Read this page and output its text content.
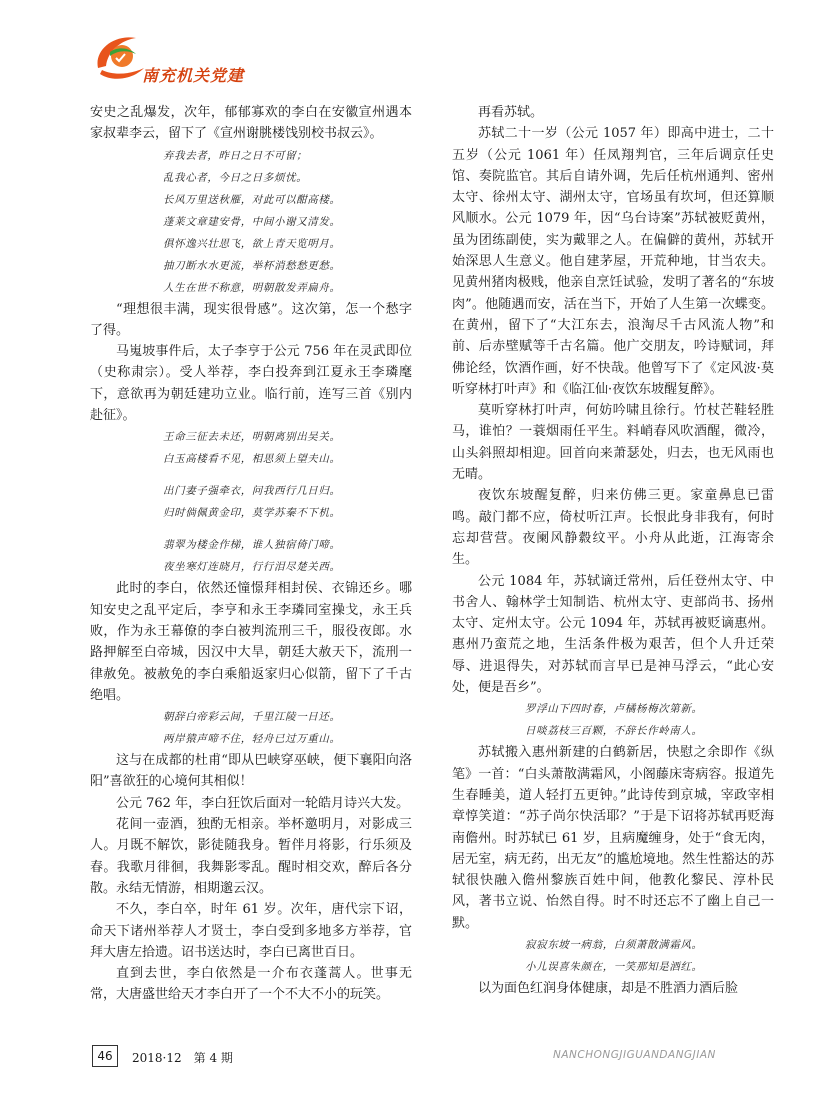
南充机关党建

安史之乱爆发，次年，郁郁寡欢的李白在安徽宣州遇本家叔辈李云，留下了《宣州谢朓楼饯别校书叔云》。

弃我去者，昨日之日不可留；

乱我心者，今日之日多烦忧。

长风万里送秋雁，对此可以酣高楼。

蓬莱文章建安骨，中间小谢又清发。

俱怀逸兴壮思飞，欲上青天览明月。

抽刀断水水更流，举杯消愁愁更愁。

人生在世不称意，明朝散发弄扁舟。

“理想很丰满，现实很骨感”。这次第，怎一个愁字了得。

马嵬坡事件后，太子李亨于公元 756 年在灵武即位（史称肃宗）。受人举荐，李白投奔到江夏永王李璘麾下，意欲再为朝廷建功立业。临行前，连写三首《别内赴征》。

王命三征去未还，明朝离别出吴关。

白玉高楼看不见，相思须上望夫山。

出门妻子强牵衣，问我西行几日归。

归时倘佩黄金印，莫学苏秦不下机。

翡翠为楼金作梯，谁人独宿倚门啼。

夜坐寒灯连晓月，行行泪尽楚关西。

此时的李白，依然还憧憬拜相封侯、衣锦还乡。哪知安史之乱平定后，李亨和永王李璘同室操戈，永王兵败，作为永王幕僚的李白被判流刑三千，服役夜郎。水路押解至白帝城，因汉中大旱，朝廷大赦天下，流刑一律赦免。被赦免的李白乘船返家归心似箭，留下了千古绝唱。

朝辞白帝彩云间，千里江陵一日还。

两岸猿声啼不住，轻舟已过万重山。

这与在成都的杜甫“即从巴峡穿巫峡，便下襄阳向洛阳”喜欲狂的心境何其相似！

公元 762 年，李白狂饮后面对一轮皓月诗兴大发。

花间一壶酒，独酌无相亲。举杯邀明月，对影成三人。月既不解饮，影徒随我身。暂伴月将影，行乐须及春。我歌月徘徊，我舞影零乱。醒时相交欢，醉后各分散。永结无情游，相期邈云汉。

不久，李白卒，时年 61 岁。次年，唐代宗下诏，命天下诸州举荐人才贤士，李白受到多地多方举荐，官拜大唐左拾遗。诏书送达时，李白已离世百日。

直到去世，李白依然是一介布衣蓬蒿人。世事无常，大唐盛世给天才李白开了一个不大不小的玩笑。

再看苏轼。

苏轼二十一岁（公元 1057 年）即高中进士，二十五岁（公元 1061 年）任凤翔判官，三年后调京任史馆、奏院监官。其后自请外调，先后任杭州通判、密州太守、徐州太守、湖州太守，官场虽有坎坷，但还算顺风顺水。公元 1079 年，因“乌台诗案”苏轼被贬黄州，虽为团练副使，实为戴罪之人。在偏僻的黄州，苏轼开始深思人生意义。他自建茅屋，开荒种地，甘当农夫。见黄州猪肉极贱，他亲自烹饪试验，发明了著名的“东坡肉”。他随遇而安，活在当下，开始了人生第一次蝶变。在黄州，留下了“大江东去，浪淘尽千古风流人物”和前、后赤壁赋等千古名篇。他广交朋友，吟诗赋词，拜佛论经，饮酒作画，好不快哉。他曾写下了《定风波·莫听穿林打叶声》和《临江仙·夜饮东坡醒复醉》。

莫听穿林打叶声，何妨吟啸且徐行。竹杖芒鞋轻胜马，谁怕？一蓑烟雨任平生。料峭春风吹酒醒，微冷，山头斜照却相迎。回首向来萧瑟处，归去，也无风雨也无晴。

夜饮东坡醒复醉，归来仿佛三更。家童鼻息已雷鸣。敲门都不应，倚杖听江声。长恨此身非我有，何时忘却营营。夜阑风静縠纹平。小舟从此逝，江海寄余生。

公元 1084 年，苏轼谪迁常州，后任登州太守、中书舍人、翰林学士知制诰、杭州太守、吏部尚书、扬州太守、定州太守。公元 1094 年，苏轼再被贬谪惠州。惠州乃蛮荒之地，生活条件极为艰苦，但个人升迁荣辱、进退得失，对苏轼而言早已是神马浮云，“此心安处，便是吾乡”。

罗浮山下四时春，卢橘杨梅次第新。

日啖荔枝三百颗，不辞长作岭南人。

苏轼搬入惠州新建的白鹤新居，快慰之余即作《纵笔》一首：“白头萧散满霜风，小阁藤床寄病容。报道先生春睡美，道人轻打五更钟。”此诗传到京城，宰政宰相章惇笑道：“苏子尚尔快活耶？”于是下诏将苏轼再贬海南儋州。时苏轼已 61 岁，且病魔缠身，处于“食无肉，居无室，病无药，出无友”的尴尬境地。然生性豁达的苏轼很快融入儋州黎族百姓中间，他教化黎民、淳朴民风，著书立说、怡然自得。时不时还忘不了幽上自己一默。

寂寂东坡一病翁，白须萧散满霜风。

小儿误喜朱颜在，一笑那知是酒红。

以为面色红润身体健康，却是不胜酒力酒后脸

46	2018·12　第 4 期	NANCHONGJIGUANDANGJIAN
